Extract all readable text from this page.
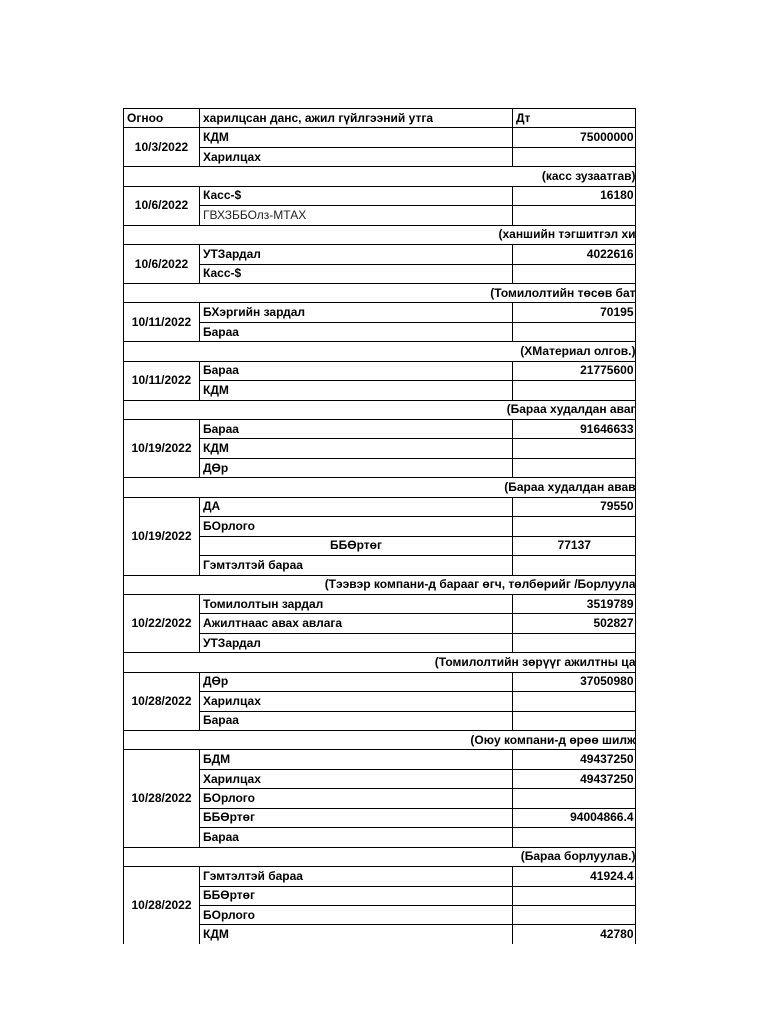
Огноо	харилцсан данс, ажил гүйлгээний утга	Дт
10/3/2022	КДМ	75000000
	Харилцах	
	(касс зузаатгав)	
10/6/2022	Касс-$	16180
	ГВХЗББОлз-МТАХ	
	(ханшийн тэгшитгэл хи	
10/6/2022	УТЗардал	4022616
	Касс-$	
	(Томилолтийн төсөв бат	
10/11/2022	БХэргийн зардал	70195
	Бараа	
	(ХМатериал олгов.)	
10/11/2022	Бараа	21775600
	КДМ	
	(Бараа худалдан аваг	
10/19/2022	Бараа	91646633
	КДМ	
	ДӨр	
	(Бараа худалдан авав	
10/19/2022	ДА	79550
	БОрлого	
	ББӨртөг	77137
	Гэмтэлтэй бараа	
	(Тээвэр компани-д барааг өгч, төлбөрийг /Борлуула	
10/22/2022	Томилолтын зардал	3519789
	Ажилтнаас авах авлага	502827
	УТЗардал	
	(Томилолтийн зөрүүг ажилтны ца	
10/28/2022	ДӨр	37050980
	Харилцах	
	Бараа	
	(Оюу компани-д өрөө шилж	
10/28/2022	БДМ	49437250
	Харилцах	49437250
	БОрлого	
	ББӨртөг	94004866.4
	Бараа	
	(Бараа борлуулав.)	
10/28/2022	Гэмтэлтэй бараа	41924.4
	ББӨртөг	
	БОрлого	
	КДМ	42780
